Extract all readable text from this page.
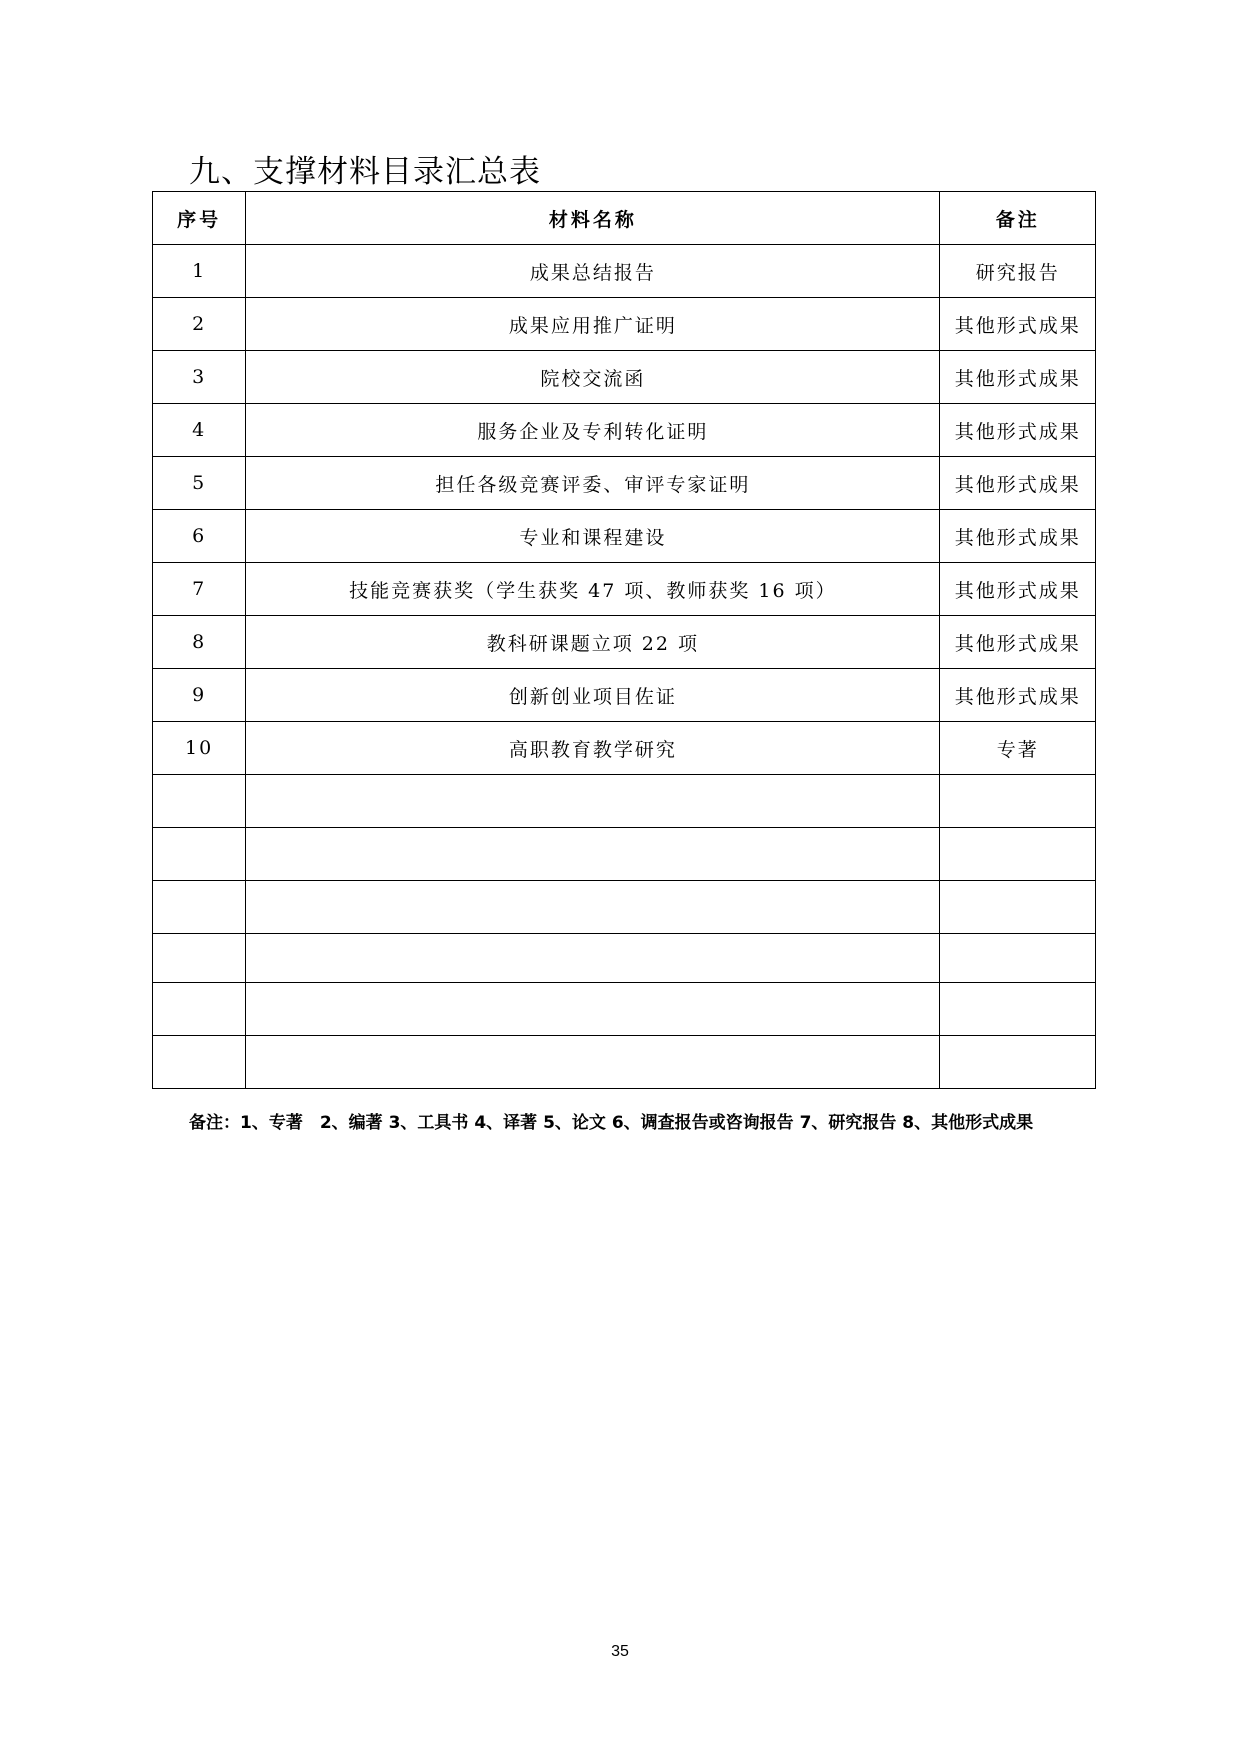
九、支撑材料目录汇总表
序号	材料名称	备注
1	成果总结报告	研究报告
2	成果应用推广证明	其他形式成果
3	院校交流函	其他形式成果
4	服务企业及专利转化证明	其他形式成果
5	担任各级竞赛评委、审评专家证明	其他形式成果
6	专业和课程建设	其他形式成果
7	技能竞赛获奖（学生获奖 47 项、教师获奖 16 项）	其他形式成果
8	教科研课题立项 22 项	其他形式成果
9	创新创业项目佐证	其他形式成果
10	高职教育教学研究	专著

备注：1、专著　2、编著 3、工具书 4、译著 5、论文 6、调查报告或咨询报告 7、研究报告 8、其他形式成果
35
